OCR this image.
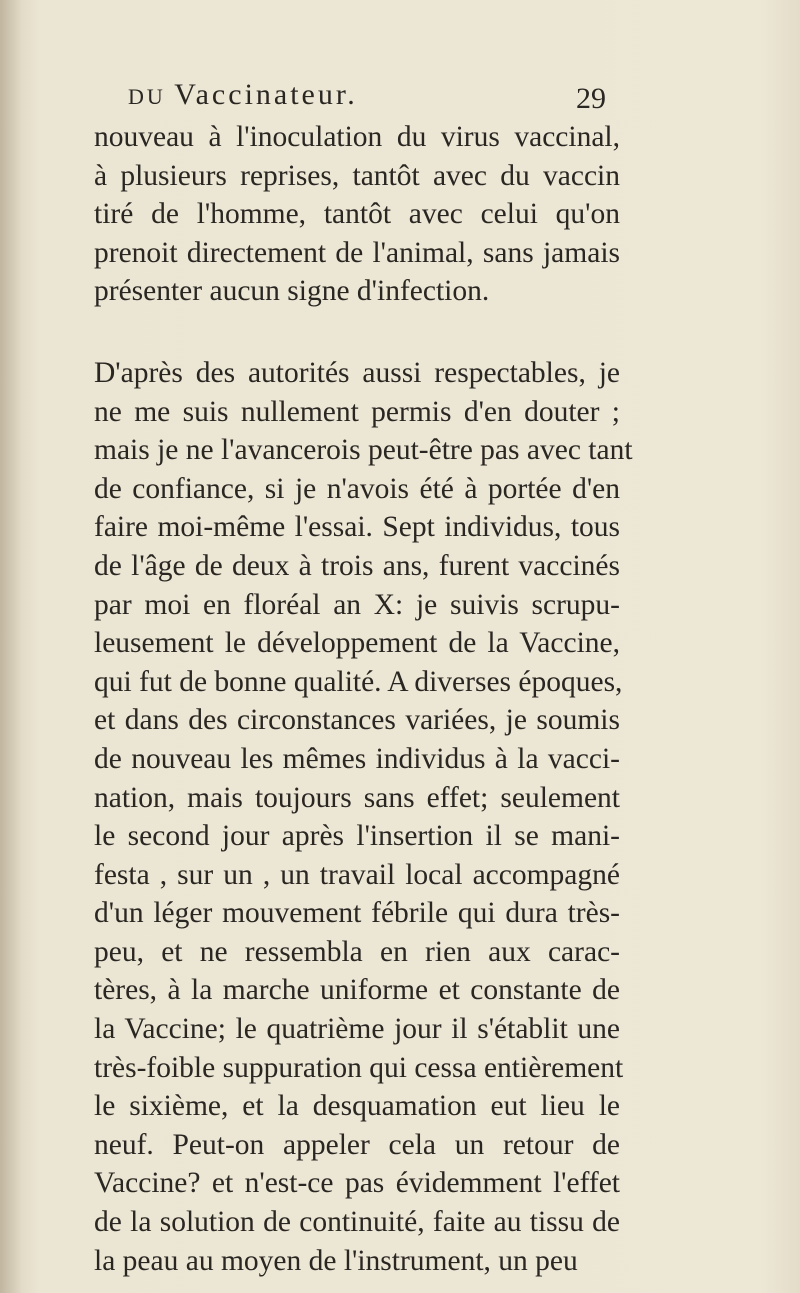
DU Vaccinateur.	29
nouveau à l'inoculation du virus vaccinal,
à plusieurs reprises, tantôt avec du vaccin
tiré de l'homme, tantôt avec celui qu'on
prenoit directement de l'animal, sans jamais
présenter aucun signe d'infection.
D'après des autorités aussi respectables, je
ne me suis nullement permis d'en douter ;
mais je ne l'avancerois peut-être pas avec tant
de confiance, si je n'avois été à portée d'en
faire moi-même l'essai. Sept individus, tous
de l'âge de deux à trois ans, furent vaccinés
par moi en floréal an X: je suivis scrupu-
leusement le développement de la Vaccine,
qui fut de bonne qualité. A diverses époques,
et dans des circonstances variées, je soumis
de nouveau les mêmes individus à la vacci-
nation, mais toujours sans effet; seulement
le second jour après l'insertion il se mani-
festa , sur un , un travail local accompagné
d'un léger mouvement fébrile qui dura très-
peu, et ne ressembla en rien aux carac-
tères, à la marche uniforme et constante de
la Vaccine; le quatrième jour il s'établit une
très-foible suppuration qui cessa entièrement
le sixième, et la desquamation eut lieu le
neuf. Peut-on appeler cela un retour de
Vaccine? et n'est-ce pas évidemment l'effet
de la solution de continuité, faite au tissu de
la peau au moyen de l'instrument, un peu
